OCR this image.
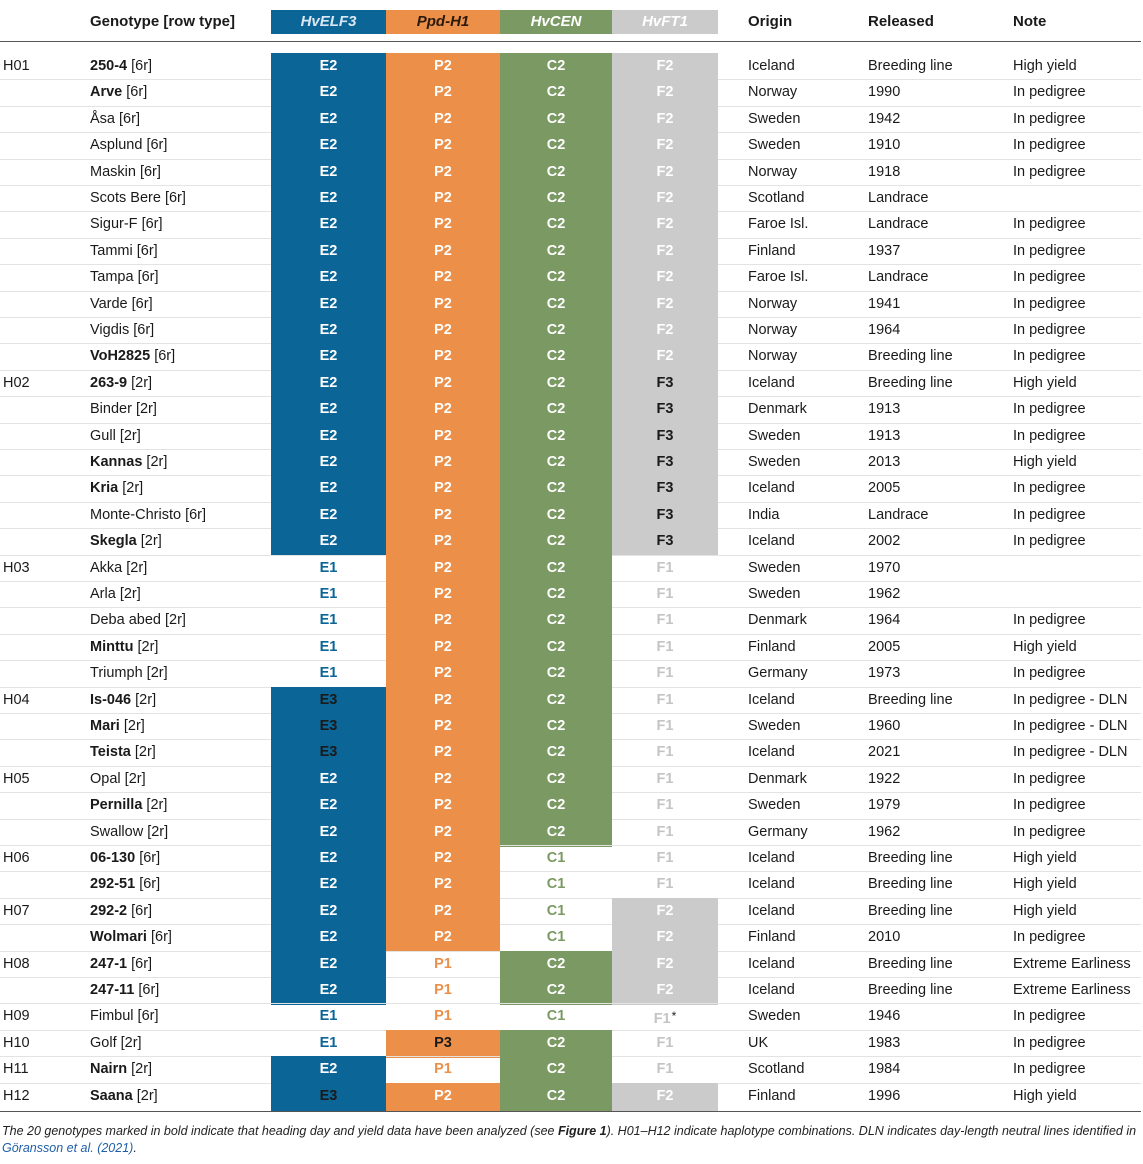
Genotype [row type]	HvELF3	Ppd-H1	HvCEN	HvFT1	Origin	Released	Note
H01	250-4 [6r]	E2	P2	C2	F2	Iceland	Breeding line	High yield
Arve [6r]	E2	P2	C2	F2	Norway	1990	In pedigree
Åsa [6r]	E2	P2	C2	F2	Sweden	1942	In pedigree
Asplund [6r]	E2	P2	C2	F2	Sweden	1910	In pedigree
Maskin [6r]	E2	P2	C2	F2	Norway	1918	In pedigree
Scots Bere [6r]	E2	P2	C2	F2	Scotland	Landrace
Sigur-F [6r]	E2	P2	C2	F2	Faroe Isl.	Landrace	In pedigree
Tammi [6r]	E2	P2	C2	F2	Finland	1937	In pedigree
Tampa [6r]	E2	P2	C2	F2	Faroe Isl.	Landrace	In pedigree
Varde [6r]	E2	P2	C2	F2	Norway	1941	In pedigree
Vigdis [6r]	E2	P2	C2	F2	Norway	1964	In pedigree
VoH2825 [6r]	E2	P2	C2	F2	Norway	Breeding line	In pedigree
H02	263-9 [2r]	E2	P2	C2	F3	Iceland	Breeding line	High yield
Binder [2r]	E2	P2	C2	F3	Denmark	1913	In pedigree
Gull [2r]	E2	P2	C2	F3	Sweden	1913	In pedigree
Kannas [2r]	E2	P2	C2	F3	Sweden	2013	High yield
Kria [2r]	E2	P2	C2	F3	Iceland	2005	In pedigree
Monte-Christo [6r]	E2	P2	C2	F3	India	Landrace	In pedigree
Skegla [2r]	E2	P2	C2	F3	Iceland	2002	In pedigree
H03	Akka [2r]	E1	P2	C2	F1	Sweden	1970
Arla [2r]	E1	P2	C2	F1	Sweden	1962
Deba abed [2r]	E1	P2	C2	F1	Denmark	1964	In pedigree
Minttu [2r]	E1	P2	C2	F1	Finland	2005	High yield
Triumph [2r]	E1	P2	C2	F1	Germany	1973	In pedigree
H04	Is-046 [2r]	E3	P2	C2	F1	Iceland	Breeding line	In pedigree - DLN
Mari [2r]	E3	P2	C2	F1	Sweden	1960	In pedigree - DLN
Teista [2r]	E3	P2	C2	F1	Iceland	2021	In pedigree - DLN
H05	Opal [2r]	E2	P2	C2	F1	Denmark	1922	In pedigree
Pernilla [2r]	E2	P2	C2	F1	Sweden	1979	In pedigree
Swallow [2r]	E2	P2	C2	F1	Germany	1962	In pedigree
H06	06-130 [6r]	E2	P2	C1	F1	Iceland	Breeding line	High yield
292-51 [6r]	E2	P2	C1	F1	Iceland	Breeding line	High yield
H07	292-2 [6r]	E2	P2	C1	F2	Iceland	Breeding line	High yield
Wolmari [6r]	E2	P2	C1	F2	Finland	2010	In pedigree
H08	247-1 [6r]	E2	P1	C2	F2	Iceland	Breeding line	Extreme Earliness
247-11 [6r]	E2	P1	C2	F2	Iceland	Breeding line	Extreme Earliness
H09	Fimbul [6r]	E1	P1	C1	F1*	Sweden	1946	In pedigree
H10	Golf [2r]	E1	P3	C2	F1	UK	1983	In pedigree
H11	Nairn [2r]	E2	P1	C2	F1	Scotland	1984	In pedigree
H12	Saana [2r]	E3	P2	C2	F2	Finland	1996	High yield
The 20 genotypes marked in bold indicate that heading day and yield data have been analyzed (see Figure 1). H01–H12 indicate haplotype combinations. DLN indicates day-length neutral lines identified in Göransson et al. (2021).
